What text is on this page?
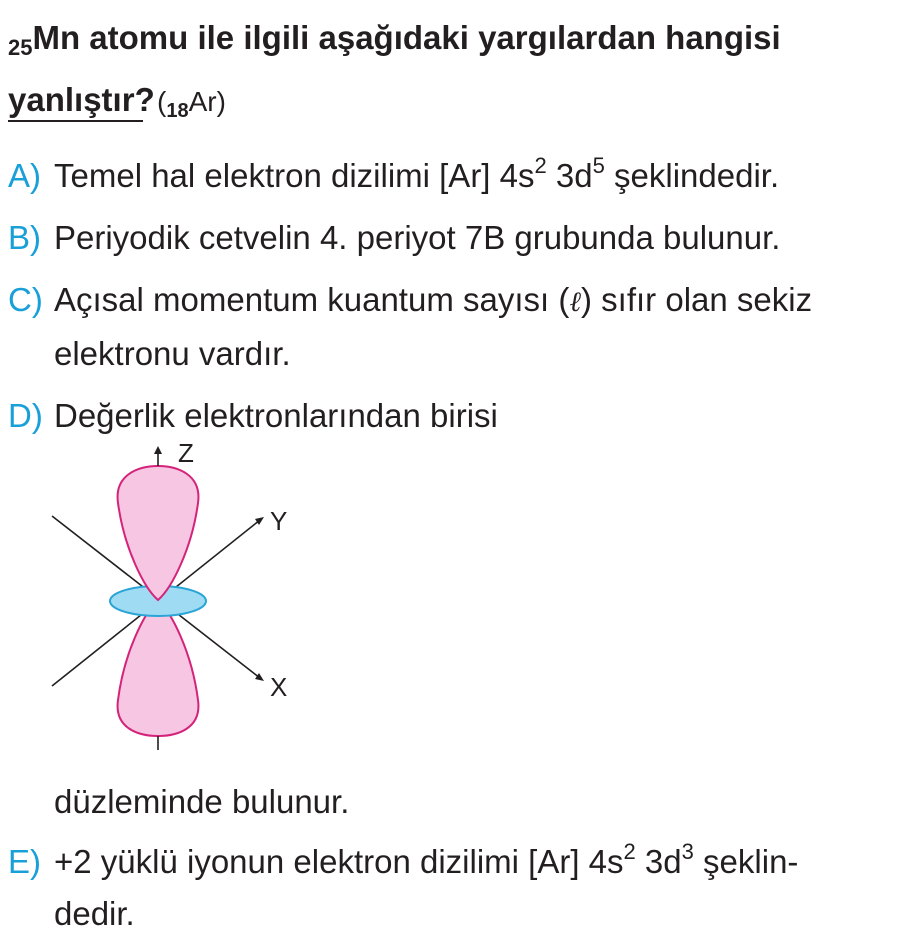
$_{25}$Mn atomu ile ilgili aşağıdaki yargılardan hangisi
$yanlıştır?(_{18}Ar)$
A) Temel hal elektron dizilimi [Ar] $4s^2$ $3d^5$ şeklindedir.
B) Periyodik cetvelin 4. periyot 7B grubunda bulunur.
C) Açısal momentum kuantum sayısı (ℓ) sıfır olan sekiz
elektronu vardır.
D) Değerlik elektronlarından birisi
Z
Y
X
düzleminde bulunur.
E) +2 yüklü iyonun elektron dizilimi [Ar] $4s^2$ $3d^3$ şeklin-
dedir.
